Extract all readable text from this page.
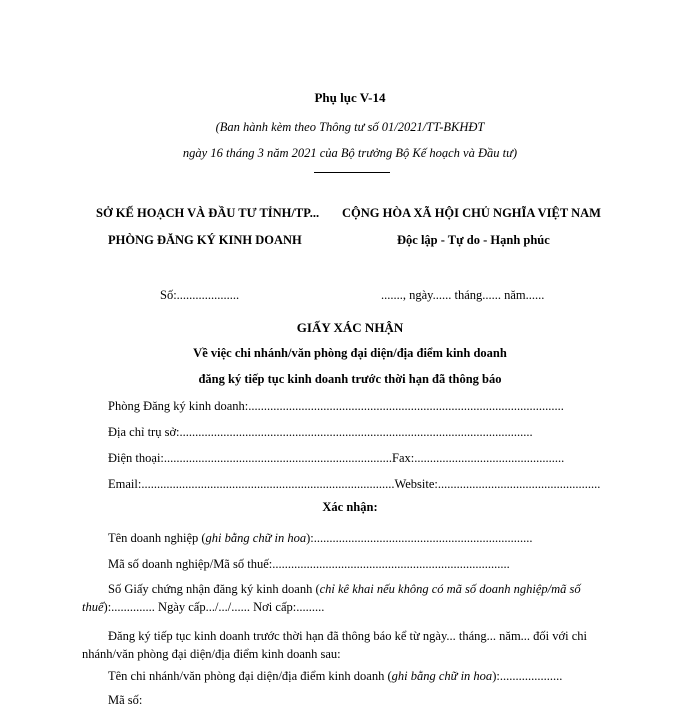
Phụ lục V-14
(Ban hành kèm theo Thông tư số 01/2021/TT-BKHĐT
ngày 16 tháng 3 năm 2021 của Bộ trưởng Bộ Kế hoạch và Đầu tư)
SỞ KẾ HOẠCH VÀ ĐẦU TƯ TỈNH/TP...
PHÒNG ĐĂNG KÝ KINH DOANH
CỘNG HÒA XÃ HỘI CHỦ NGHĨA VIỆT NAM
Độc lập - Tự do - Hạnh phúc
Số:....................	......., ngày...... tháng...... năm......
GIẤY XÁC NHẬN
Về việc chi nhánh/văn phòng đại diện/địa điểm kinh doanh
đăng ký tiếp tục kinh doanh trước thời hạn đã thông báo
Phòng Đăng ký kinh doanh:.....................................................................................................
Địa chỉ trụ sở:.................................................................................................................
Điện thoại:.........................................................................Fax:................................................
Email:.................................................................................Website:....................................................
Xác nhận:
Tên doanh nghiệp (ghi bằng chữ in hoa):......................................................................
Mã số doanh nghiệp/Mã số thuế:............................................................................
Số Giấy chứng nhận đăng ký kinh doanh (chỉ kê khai nếu không có mã số doanh nghiệp/mã số thuế):.............. Ngày cấp.../.../...... Nơi cấp:.........
Đăng ký tiếp tục kinh doanh trước thời hạn đã thông báo kể từ ngày... tháng... năm... đối với chi nhánh/văn phòng đại diện/địa điểm kinh doanh sau:
Tên chi nhánh/văn phòng đại diện/địa điểm kinh doanh (ghi bằng chữ in hoa):....................
Mã số:
